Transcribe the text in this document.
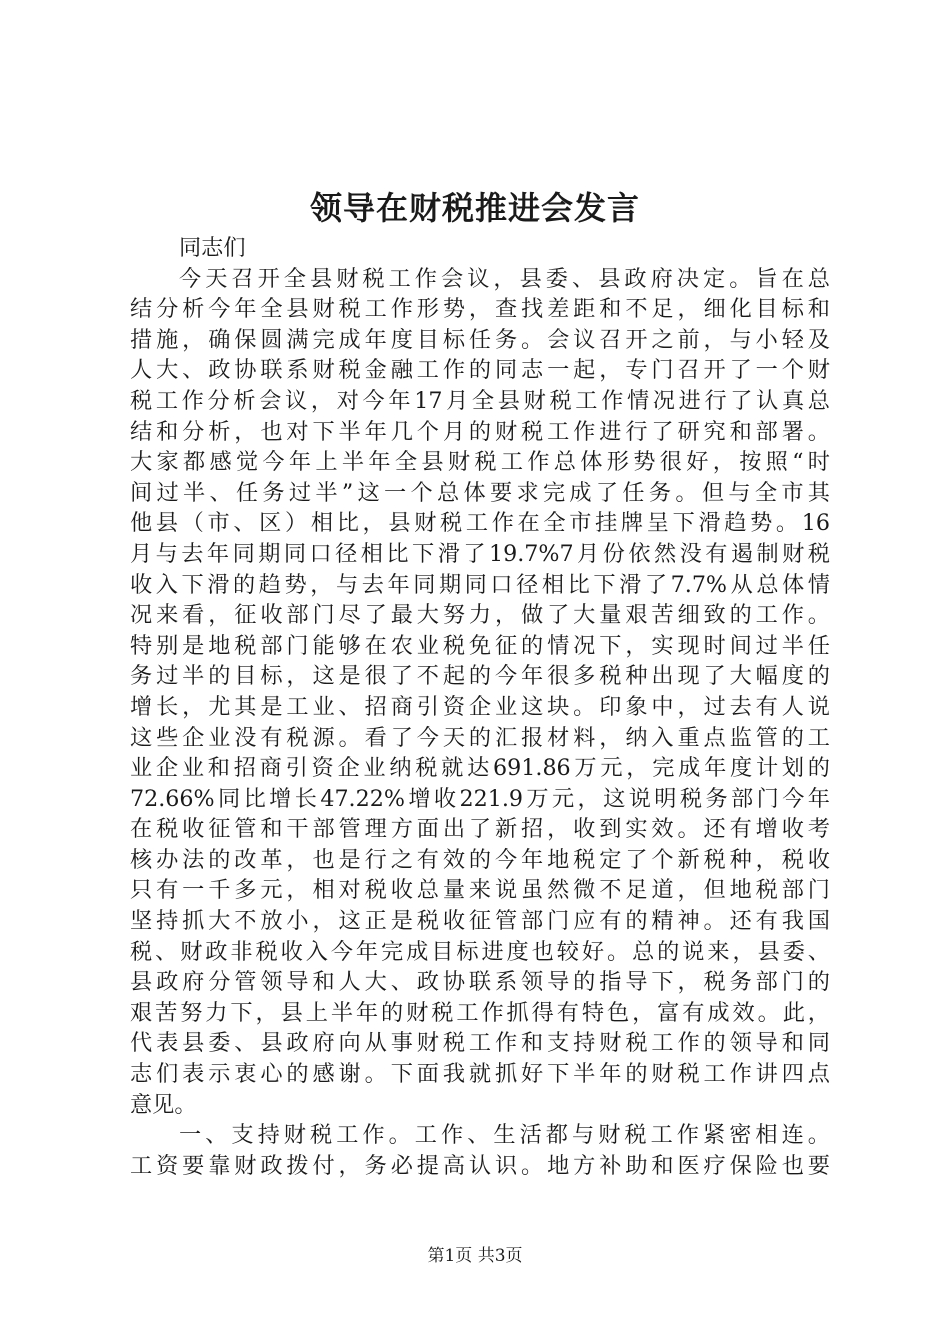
领导在财税推进会发言
同志们
今天召开全县财税工作会议，县委、县政府决定。旨在总
结分析今年全县财税工作形势，查找差距和不足，细化目标和
措施，确保圆满完成年度目标任务。会议召开之前，与小轻及
人大、政协联系财税金融工作的同志一起，专门召开了一个财
税工作分析会议，对今年17月全县财税工作情况进行了认真总
结和分析，也对下半年几个月的财税工作进行了研究和部署。
大家都感觉今年上半年全县财税工作总体形势很好，按照“时
间过半、任务过半”这一个总体要求完成了任务。但与全市其
他县（市、区）相比，县财税工作在全市挂牌呈下滑趋势。16
月与去年同期同口径相比下滑了19.7%7月份依然没有遏制财税
收入下滑的趋势，与去年同期同口径相比下滑了7.7%从总体情
况来看，征收部门尽了最大努力，做了大量艰苦细致的工作。
特别是地税部门能够在农业税免征的情况下，实现时间过半任
务过半的目标，这是很了不起的今年很多税种出现了大幅度的
增长，尤其是工业、招商引资企业这块。印象中，过去有人说
这些企业没有税源。看了今天的汇报材料，纳入重点监管的工
业企业和招商引资企业纳税就达691.86万元，完成年度计划的
72.66%同比增长47.22%增收221.9万元，这说明税务部门今年
在税收征管和干部管理方面出了新招，收到实效。还有增收考
核办法的改革，也是行之有效的今年地税定了个新税种，税收
只有一千多元，相对税收总量来说虽然微不足道，但地税部门
坚持抓大不放小，这正是税收征管部门应有的精神。还有我国
税、财政非税收入今年完成目标进度也较好。总的说来，县委、
县政府分管领导和人大、政协联系领导的指导下，税务部门的
艰苦努力下，县上半年的财税工作抓得有特色，富有成效。此，
代表县委、县政府向从事财税工作和支持财税工作的领导和同
志们表示衷心的感谢。下面我就抓好下半年的财税工作讲四点
意见。
一、支持财税工作。工作、生活都与财税工作紧密相连。
工资要靠财政拨付，务必提高认识。地方补助和医疗保险也要
第1页 共3页
